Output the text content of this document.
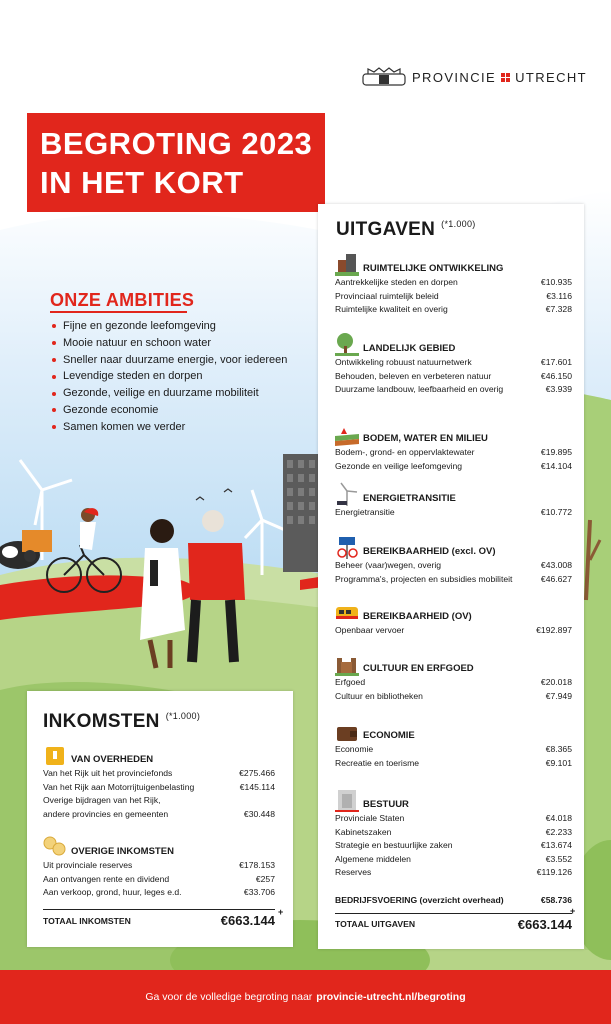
PROVINCIE UTRECHT
BEGROTING 2023
IN HET KORT
ONZE AMBITIES
Fijne en gezonde leefomgeving
Mooie natuur en schoon water
Sneller naar duurzame energie, voor iedereen
Levendige steden en dorpen
Gezonde, veilige en duurzame mobiliteit
Gezonde economie
Samen komen we verder
UITGAVEN $^{(*1.000)}$
RUIMTELIJKE ONTWIKKELING
Aantrekkelijke steden en dorpen	€10.935
Provinciaal ruimtelijk beleid	€3.116
Ruimtelijke kwaliteit en overig	€7.328
LANDELIJK GEBIED
Ontwikkeling robuust natuurnetwerk	€17.601
Behouden, beleven en verbeteren natuur	€46.150
Duurzame landbouw, leefbaarheid en overig	€3.939
BODEM, WATER EN MILIEU
Bodem-, grond- en oppervlaktewater	€19.895
Gezonde en veilige leefomgeving	€14.104
ENERGIETRANSITIE
Energietransitie	€10.772
BEREIKBAARHEID (excl. OV)
Beheer (vaar)wegen, overig	€43.008
Programma's, projecten en subsidies mobiliteit	€46.627
BEREIKBAARHEID (OV)
Openbaar vervoer	€192.897
CULTUUR EN ERFGOED
Erfgoed	€20.018
Cultuur en bibliotheken	€7.949
ECONOMIE
Economie	€8.365
Recreatie en toerisme	€9.101
BESTUUR
Provinciale Staten	€4.018
Kabinetszaken	€2.233
Strategie en bestuurlijke zaken	€13.674
Algemene middelen	€3.552
Reserves	€119.126
BEDRIJFSVOERING (overzicht overhead)	€58.736
TOTAAL UITGAVEN	€663.144
+
INKOMSTEN $^{(*1.000)}$
VAN OVERHEDEN
Van het Rijk uit het provinciefonds	€275.466
Van het Rijk aan Motorrijtuigenbelasting	€145.114
Overige bijdragen van het Rijk,
andere provincies en gemeenten	€30.448
OVERIGE INKOMSTEN
Uit provinciale reserves	€178.153
Aan ontvangen rente en dividend	€257
Aan verkoop, grond, huur, leges e.d.	€33.706
TOTAAL INKOMSTEN	€663.144
+
Ga voor de volledige begroting naar provincie-utrecht.nl/begroting
